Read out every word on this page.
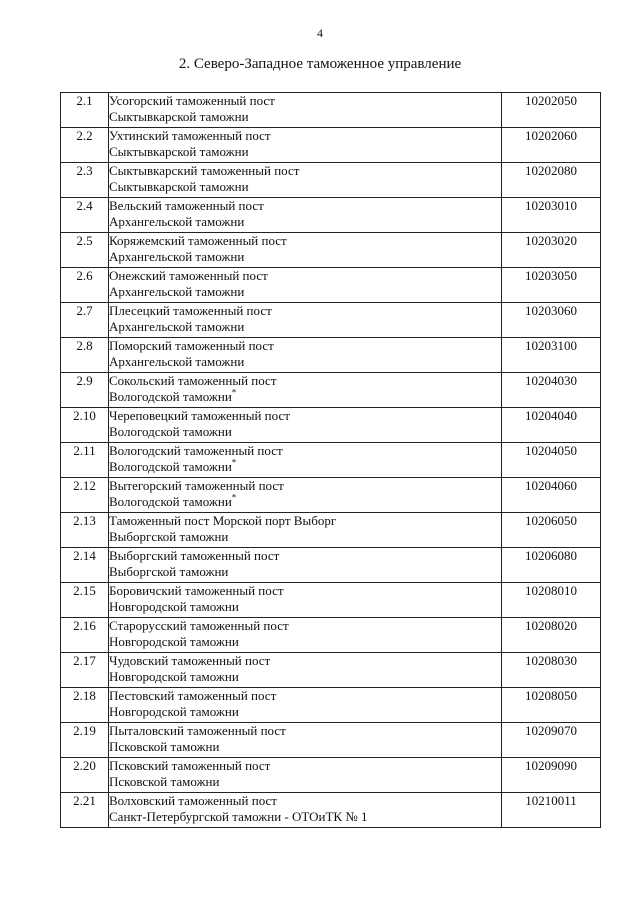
4
2. Северо-Западное таможенное управление
2.1	Усогорский таможенный пост
Сыктывкарской таможни	10202050
2.2	Ухтинский таможенный пост
Сыктывкарской таможни	10202060
2.3	Сыктывкарский таможенный пост
Сыктывкарской таможни	10202080
2.4	Вельский таможенный пост
Архангельской таможни	10203010
2.5	Коряжемский таможенный пост
Архангельской таможни	10203020
2.6	Онежский таможенный пост
Архангельской таможни	10203050
2.7	Плесецкий таможенный пост
Архангельской таможни	10203060
2.8	Поморский таможенный пост
Архангельской таможни	10203100
2.9	Сокольский таможенный пост
Вологодской таможни*	10204030
2.10	Череповецкий таможенный пост
Вологодской таможни	10204040
2.11	Вологодский таможенный пост
Вологодской таможни*	10204050
2.12	Вытегорский таможенный пост
Вологодской таможни*	10204060
2.13	Таможенный пост Морской порт Выборг
Выборгской таможни	10206050
2.14	Выборгский таможенный пост
Выборгской таможни	10206080
2.15	Боровичский таможенный пост
Новгородской таможни	10208010
2.16	Старорусский таможенный пост
Новгородской таможни	10208020
2.17	Чудовский таможенный пост
Новгородской таможни	10208030
2.18	Пестовский таможенный пост
Новгородской таможни	10208050
2.19	Пыталовский таможенный пост
Псковской таможни	10209070
2.20	Псковский таможенный пост
Псковской таможни	10209090
2.21	Волховский таможенный пост
Санкт-Петербургской таможни - ОТОиТК № 1	10210011
